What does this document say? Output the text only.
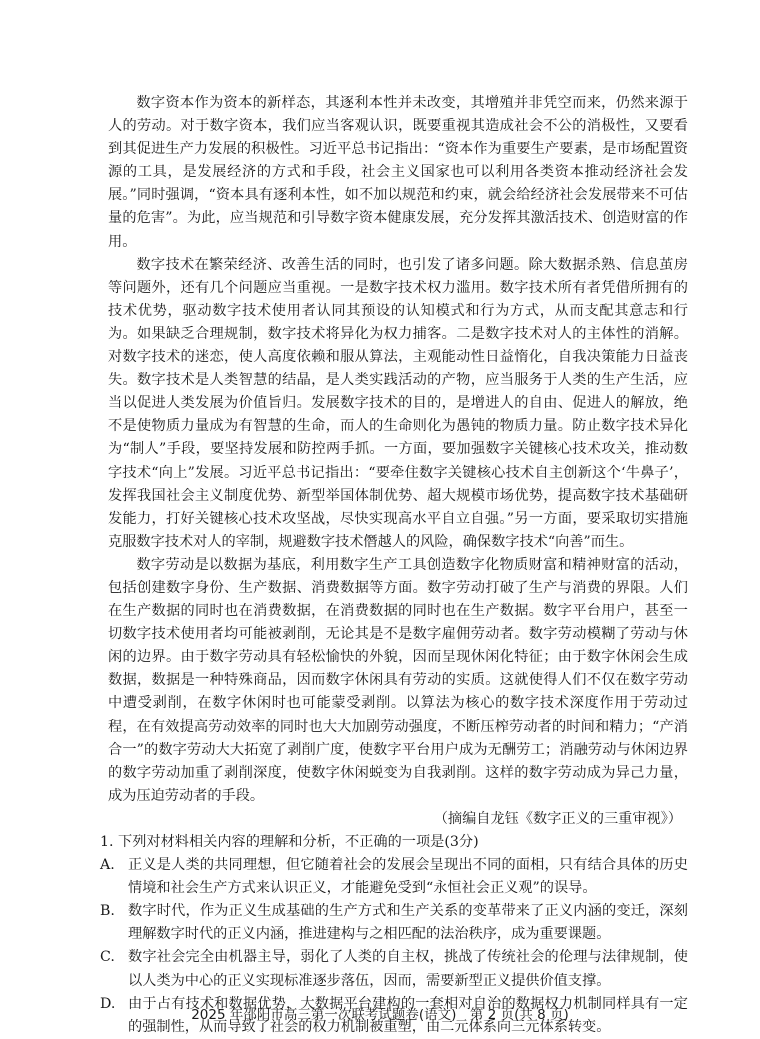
数字资本作为资本的新样态，其逐利本性并未改变，其增殖并非凭空而来，仍然来源于人的劳动。对于数字资本，我们应当客观认识，既要重视其造成社会不公的消极性，又要看到其促进生产力发展的积极性。习近平总书记指出：“资本作为重要生产要素，是市场配置资源的工具，是发展经济的方式和手段，社会主义国家也可以利用各类资本推动经济社会发展。”同时强调，“资本具有逐利本性，如不加以规范和约束，就会给经济社会发展带来不可估量的危害”。为此，应当规范和引导数字资本健康发展，充分发挥其激活技术、创造财富的作用。

数字技术在繁荣经济、改善生活的同时，也引发了诸多问题。除大数据杀熟、信息茧房等问题外，还有几个问题应当重视。一是数字技术权力滥用。数字技术所有者凭借所拥有的技术优势，驱动数字技术使用者认同其预设的认知模式和行为方式，从而支配其意志和行为。如果缺乏合理规制，数字技术将异化为权力捕客。二是数字技术对人的主体性的消解。对数字技术的迷恋，使人高度依赖和服从算法，主观能动性日益惰化，自我决策能力日益丧失。数字技术是人类智慧的结晶，是人类实践活动的产物，应当服务于人类的生产生活，应当以促进人类发展为价值旨归。发展数字技术的目的，是增进人的自由、促进人的解放，绝不是使物质力量成为有智慧的生命，而人的生命则化为愚钝的物质力量。防止数字技术异化为“制人”手段，要坚持发展和防控两手抓。一方面，要加强数字关键核心技术攻关，推动数字技术“向上”发展。习近平总书记指出：“要牵住数字关键核心技术自主创新这个‘牛鼻子’，发挥我国社会主义制度优势、新型举国体制优势、超大规模市场优势，提高数字技术基础研发能力，打好关键核心技术攻坚战，尽快实现高水平自立自强。”另一方面，要采取切实措施克服数字技术对人的宰制，规避数字技术僭越人的风险，确保数字技术“向善”而生。

数字劳动是以数据为基底，利用数字生产工具创造数字化物质财富和精神财富的活动，包括创建数字身份、生产数据、消费数据等方面。数字劳动打破了生产与消费的界限。人们在生产数据的同时也在消费数据，在消费数据的同时也在生产数据。数字平台用户，甚至一切数字技术使用者均可能被剥削，无论其是不是数字雇佣劳动者。数字劳动模糊了劳动与休闲的边界。由于数字劳动具有轻松愉快的外貌，因而呈现休闲化特征；由于数字休闲会生成数据，数据是一种特殊商品，因而数字休闲具有劳动的实质。这就使得人们不仅在数字劳动中遭受剥削，在数字休闲时也可能蒙受剥削。以算法为核心的数字技术深度作用于劳动过程，在有效提高劳动效率的同时也大大加剧劳动强度，不断压榨劳动者的时间和精力；“产消合一”的数字劳动大大拓宽了剥削广度，使数字平台用户成为无酬劳工；消融劳动与休闲边界的数字劳动加重了剥削深度，使数字休闲蜕变为自我剥削。这样的数字劳动成为异己力量，成为压迫劳动者的手段。

（摘编自龙钰《数字正义的三重审视》）

1. 下列对材料相关内容的理解和分析，不正确的一项是(3分)

A. 正义是人类的共同理想，但它随着社会的发展会呈现出不同的面相，只有结合具体的历史情境和社会生产方式来认识正义，才能避免受到“永恒社会正义观”的误导。
B. 数字时代，作为正义生成基础的生产方式和生产关系的变革带来了正义内涵的变迁，深刻理解数字时代的正义内涵，推进建构与之相匹配的法治秩序，成为重要课题。
C. 数字社会完全由机器主导，弱化了人类的自主权，挑战了传统社会的伦理与法律规制，使以人类为中心的正义实现标准逐步落伍，因而，需要新型正义提供价值支撑。
D. 由于占有技术和数据优势，大数据平台建构的一套相对自治的数据权力机制同样具有一定的强制性，从而导致了社会的权力机制被重塑，由二元体系向三元体系转变。
2025 年邵阳市高三第一次联考试题卷(语文)　第 2 页(共 8 页)
